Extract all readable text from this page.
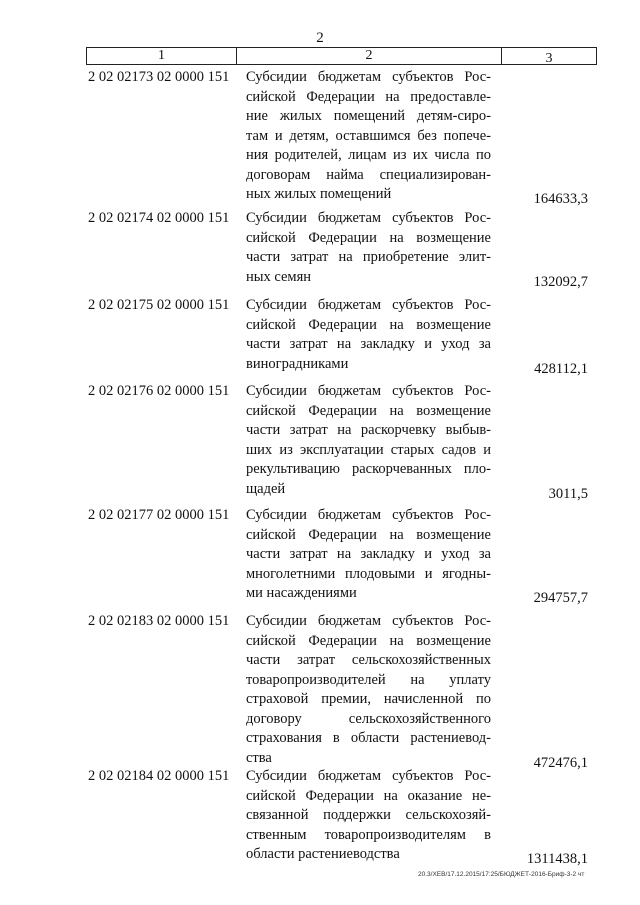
2
1	2	3
2 02 02173 02 0000 151 Субсидии бюджетам субъектов Рос-
сийской Федерации на предоставле-
ние жилых помещений детям-сиро-
там и детям, оставшимся без попече-
ния родителей, лицам из их числа по
договорам найма специализирован-
ных жилых помещений	164633,3
2 02 02174 02 0000 151 Субсидии бюджетам субъектов Рос-
сийской Федерации на возмещение
части затрат на приобретение элит-
ных семян	132092,7
2 02 02175 02 0000 151 Субсидии бюджетам субъектов Рос-
сийской Федерации на возмещение
части затрат на закладку и уход за
виноградниками	428112,1
2 02 02176 02 0000 151 Субсидии бюджетам субъектов Рос-
сийской Федерации на возмещение
части затрат на раскорчевку выбыв-
ших из эксплуатации старых садов и
рекультивацию раскорчеванных пло-
щадей	3011,5
2 02 02177 02 0000 151 Субсидии бюджетам субъектов Рос-
сийской Федерации на возмещение
части затрат на закладку и уход за
многолетними плодовыми и ягодны-
ми насаждениями	294757,7
2 02 02183 02 0000 151 Субсидии бюджетам субъектов Рос-
сийской Федерации на возмещение
части затрат сельскохозяйственных
товаропроизводителей на уплату
страховой премии, начисленной по
договору сельскохозяйственного
страхования в области растениевод-
ства	472476,1
2 02 02184 02 0000 151 Субсидии бюджетам субъектов Рос-
сийской Федерации на оказание не-
связанной поддержки сельскохозяй-
ственным товаропроизводителям в
области растениеводства	1311438,1
20.3/ХЕВ/17.12.2015/17:25/БЮДЖЕТ-2016-Бриф-3-2 чт
